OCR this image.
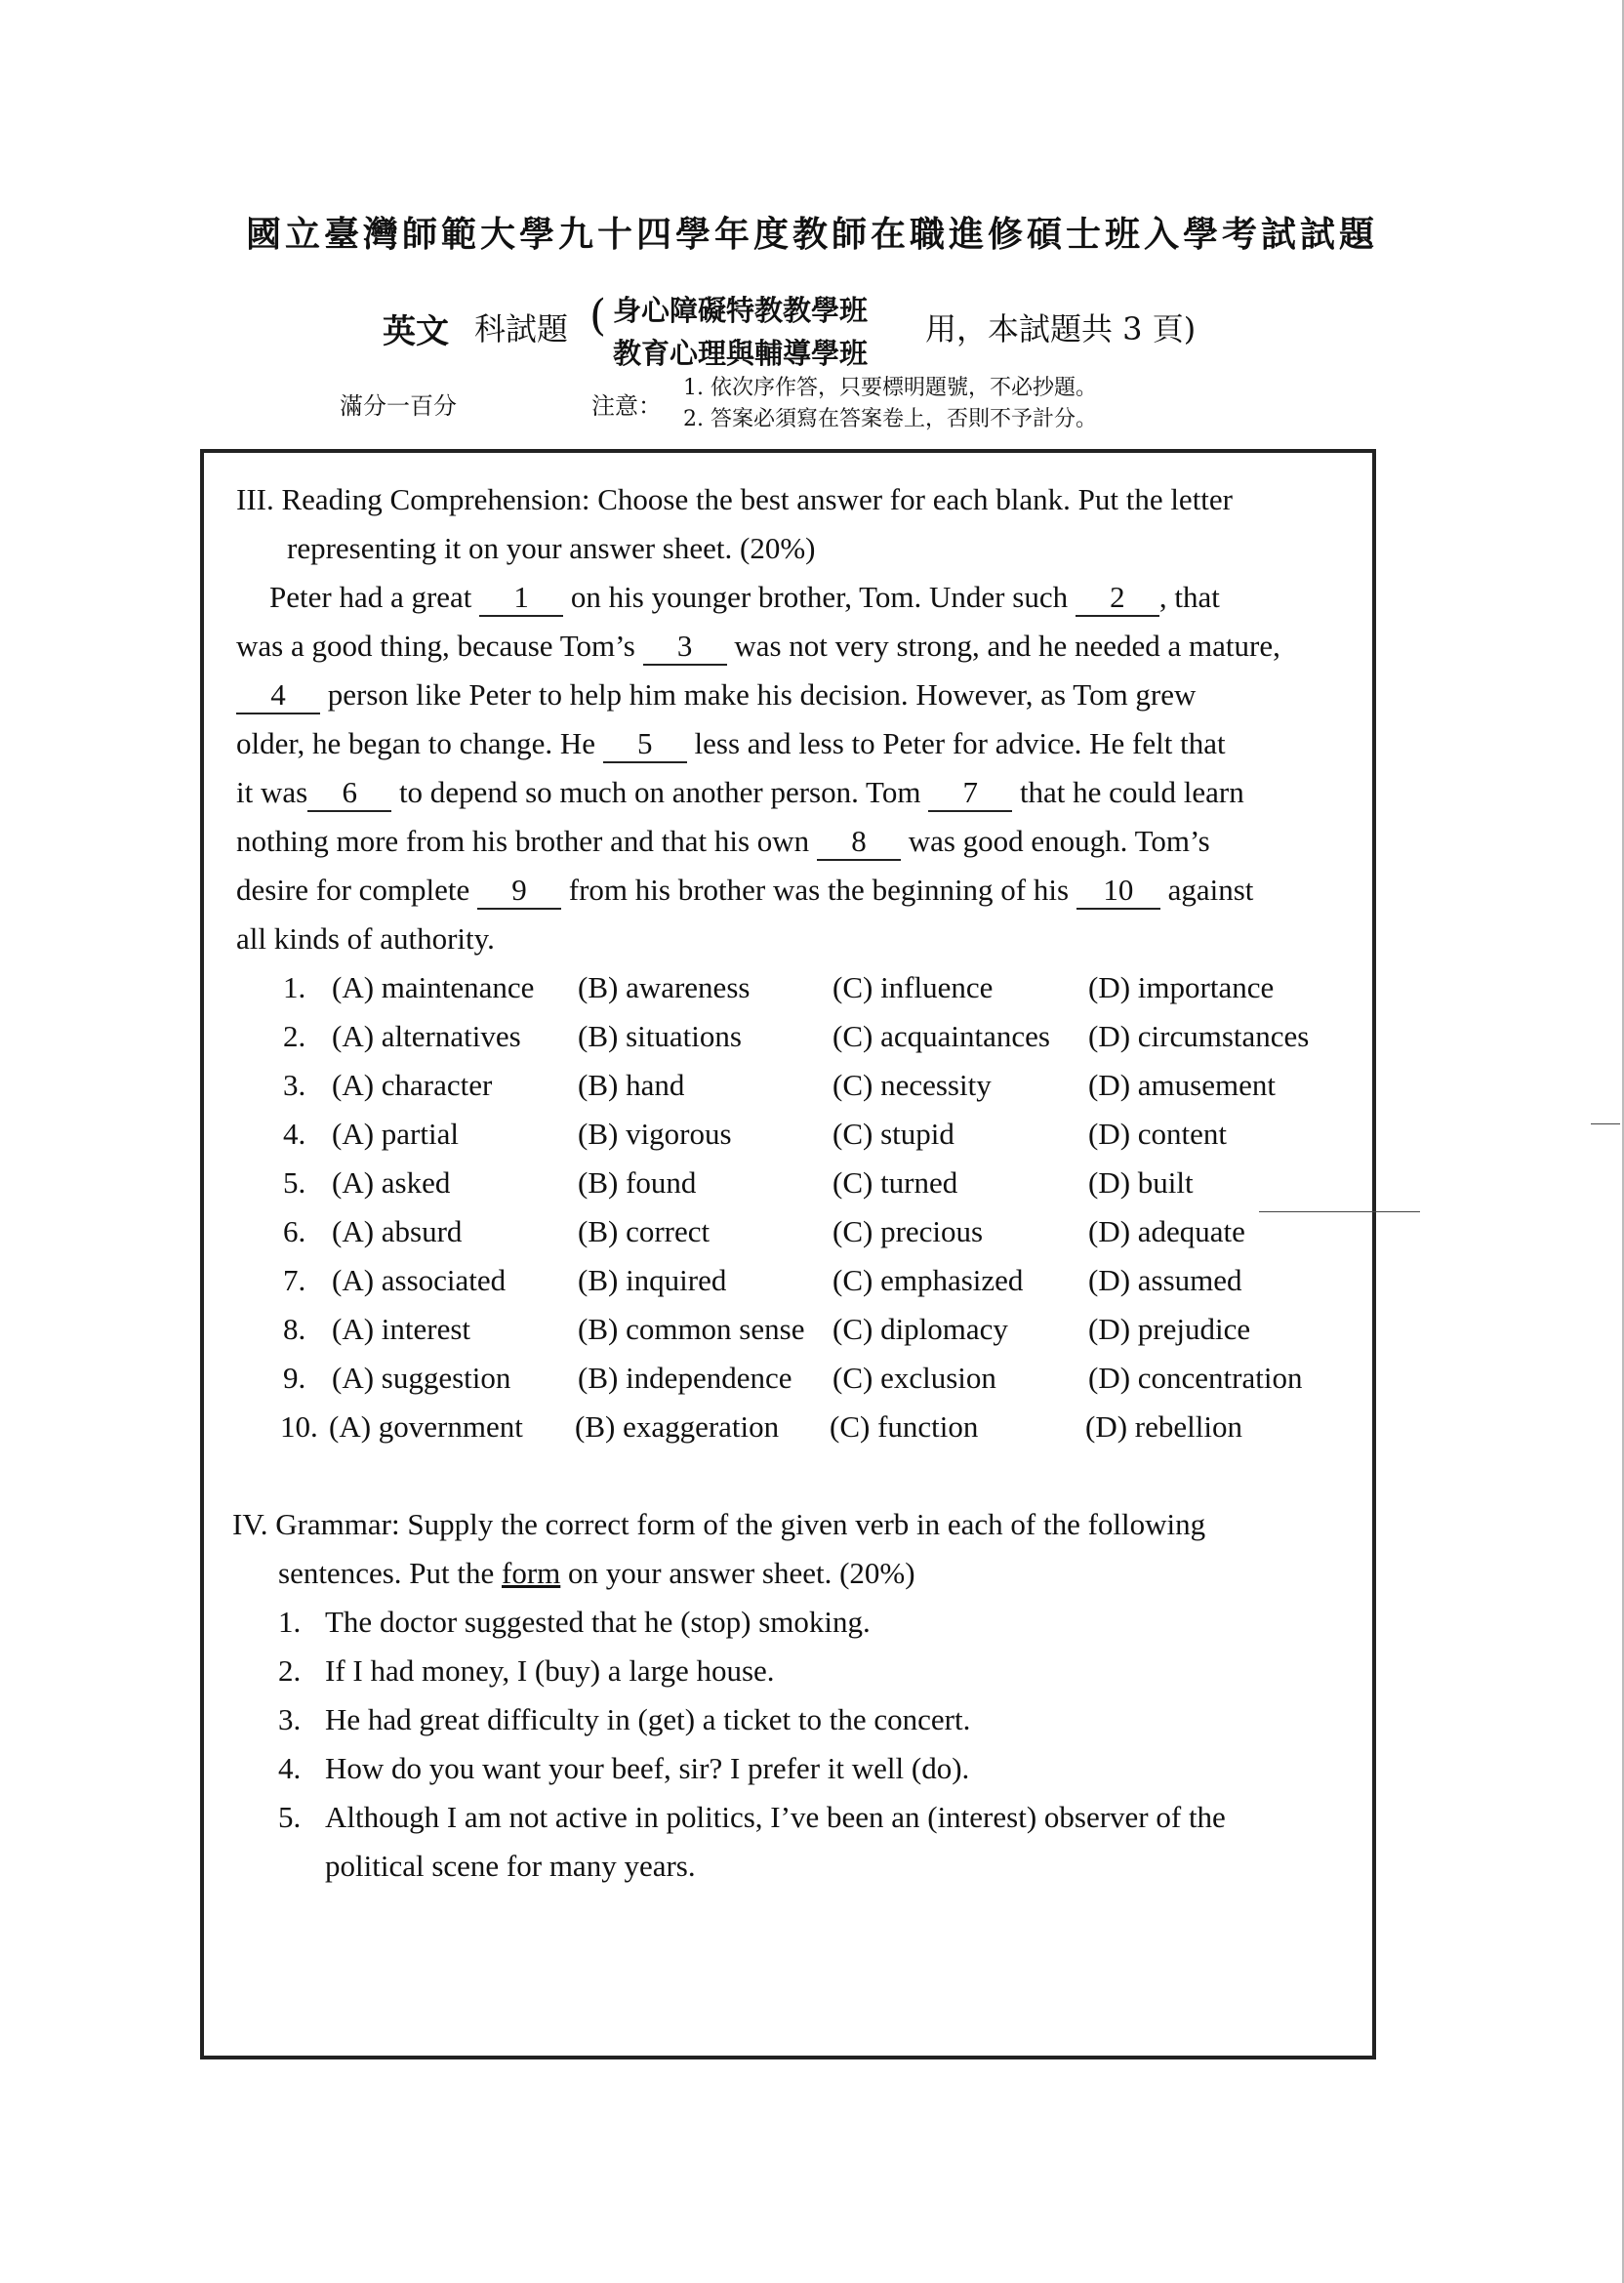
國立臺灣師範大學九十四學年度教師在職進修碩士班入學考試試題
英文 科試題 ( 身心障礙特教教學班
教育心理與輔導學班
用，本試題共 3 頁)
滿分一百分	注意：
1. 依次序作答，只要標明題號，不必抄題。
2. 答案必須寫在答案卷上，否則不予計分。
III. Reading Comprehension: Choose the best answer for each blank. Put the letter
representing it on your answer sheet. (20%)
Peter had a great 1 on his younger brother, Tom. Under such 2 , that
was a good thing, because Tom’s 3 was not very strong, and he needed a mature,
4 person like Peter to help him make his decision. However, as Tom grew
older, he began to change. He 5 less and less to Peter for advice. He felt that
it was 6 to depend so much on another person. Tom 7 that he could learn
nothing more from his brother and that his own 8 was good enough. Tom’s
desire for complete 9 from his brother was the beginning of his 10 against
all kinds of authority.
1. (A) maintenance (B) awareness	(C) influence	(D) importance
2. (A) alternatives (B) situations	(C) acquaintances (D) circumstances
3. (A) character	(B) hand	(C) necessity	(D) amusement
4. (A) partial	(B) vigorous	(C) stupid	(D) content
5. (A) asked	(B) found	(C) turned	(D) built
6. (A) absurd	(B) correct	(C) precious	(D) adequate
7. (A) associated (B) inquired	(C) emphasized (D) assumed
8. (A) interest	(B) common sense (C) diplomacy	(D) prejudice
9. (A) suggestion (B) independence (C) exclusion	(D) concentration
10. (A) government (B) exaggeration (C) function	(D) rebellion
IV. Grammar: Supply the correct form of the given verb in each of the following
sentences. Put the form on your answer sheet. (20%)
1. The doctor suggested that he (stop) smoking.
2. If I had money, I (buy) a large house.
3. He had great difficulty in (get) a ticket to the concert.
4. How do you want your beef, sir? I prefer it well (do).
5. Although I am not active in politics, I’ve been an (interest) observer of the
political scene for many years.
